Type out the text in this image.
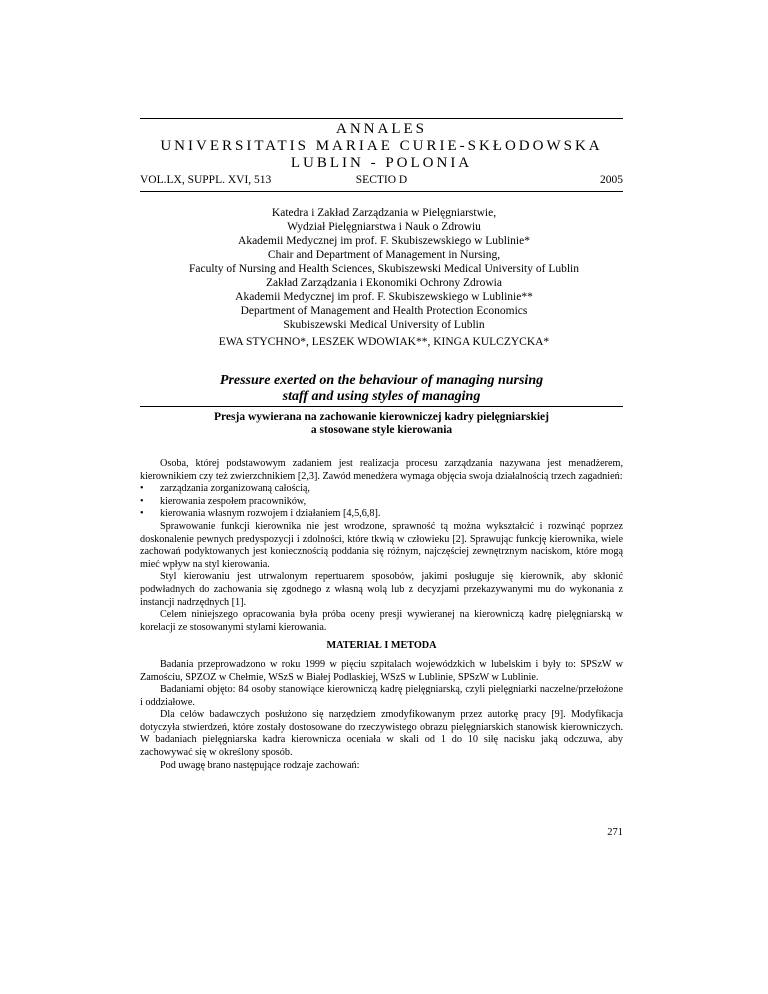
ANNALES
UNIVERSITATIS MARIAE CURIE-SKŁODOWSKA
LUBLIN - POLONIA
VOL.LX, SUPPL. XVI, 513	SECTIO D	2005
Katedra i Zakład Zarządzania w Pielęgniarstwie,
Wydział Pielęgniarstwa i Nauk o Zdrowiu
Akademii Medycznej im prof. F. Skubiszewskiego w Lublinie*
Chair and Department of Management in Nursing,
Faculty of Nursing and Health Sciences, Skubiszewski Medical University of Lublin
Zakład Zarządzania i Ekonomiki Ochrony Zdrowia
Akademii Medycznej im prof. F. Skubiszewskiego w Lublinie**
Department of Management and Health Protection Economics
Skubiszewski Medical University of Lublin
EWA STYCHNO*, LESZEK WDOWIAK**, KINGA KULCZYCKA*
Pressure exerted on the behaviour of managing nursing
staff and using styles of managing
Presja wywierana na zachowanie kierowniczej kadry pielęgniarskiej
a stosowane style kierowania

Osoba, której podstawowym zadaniem jest realizacja procesu zarządzania nazywana jest menadżerem, kierownikiem czy też zwierzchnikiem [2,3]. Zawód menedżera wymaga objęcia swoja działalnością trzech zagadnień:

•	zarządzania zorganizowaną całością,
•	kierowania zespołem pracowników,
•	kierowania własnym rozwojem i działaniem [4,5,6,8].

Sprawowanie funkcji kierownika nie jest wrodzone, sprawność tą można wykształcić i rozwinąć poprzez doskonalenie pewnych predyspozycji i zdolności, które tkwią w człowieku [2]. Sprawując funkcję kierownika, wiele zachowań podyktowanych jest koniecznością poddania się różnym, najczęściej zewnętrznym naciskom, które mogą mieć wpływ na styl kierowania.

Styl kierowaniu jest utrwalonym repertuarem sposobów, jakimi posługuje się kierownik, aby skłonić podwładnych do zachowania się zgodnego z własną wolą lub z decyzjami przekazywanymi mu do wykonania z instancji nadrzędnych [1].

Celem niniejszego opracowania była próba oceny presji wywieranej na kierowniczą kadrę pielęgniarską w korelacji ze stosowanymi stylami kierowania.

MATERIAŁ I METODA

Badania przeprowadzono w roku 1999 w pięciu szpitalach wojewódzkich w lubelskim i były to: SPSzW w Zamościu, SPZOZ w Chełmie, WSzS w Białej Podlaskiej, WSzS w Lublinie, SPSzW w Lublinie.

Badaniami objęto: 84 osoby stanowiące kierowniczą kadrę pielęgniarską, czyli pielęgniarki naczelne/przełożone i oddziałowe.

Dla celów badawczych posłużono się narzędziem zmodyfikowanym przez autorkę pracy [9]. Modyfikacja dotyczyła stwierdzeń, które zostały dostosowane do rzeczywistego obrazu pielęgniarskich stanowisk kierowniczych. W badaniach pielęgniarska kadra kierownicza oceniała w skali od 1 do 10 siłę nacisku jaką odczuwa, aby zachowywać się w określony sposób.

Pod uwagę brano następujące rodzaje zachowań:

271
